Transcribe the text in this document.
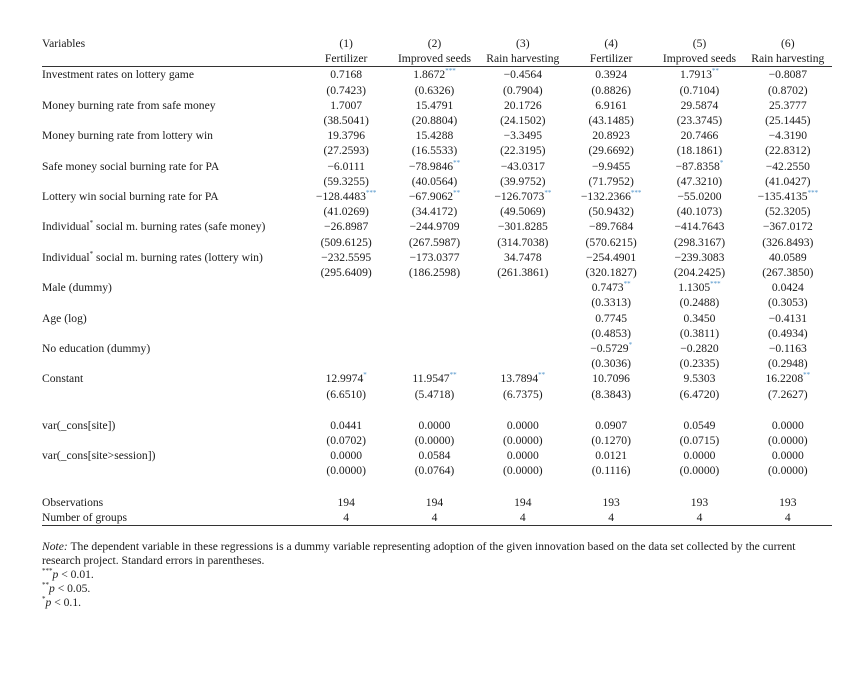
Variables	(1)	(2)	(3)	(4)	(5)	(6)
	Fertilizer	Improved seeds	Rain harvesting	Fertilizer	Improved seeds	Rain harvesting
Investment rates on lottery game	0.7168	1.8672***	−0.4564	0.3924	1.7913**	−0.8087
	(0.7423)	(0.6326)	(0.7904)	(0.8826)	(0.7104)	(0.8702)
Money burning rate from safe money	1.7007	15.4791	20.1726	6.9161	29.5874	25.3777
	(38.5041)	(20.8804)	(24.1502)	(43.1485)	(23.3745)	(25.1445)
Money burning rate from lottery win	19.3796	15.4288	−3.3495	20.8923	20.7466	−4.3190
	(27.2593)	(16.5533)	(22.3195)	(29.6692)	(18.1861)	(22.8312)
Safe money social burning rate for PA	−6.0111	−78.9846**	−43.0317	−9.9455	−87.8358*	−42.2550
	(59.3255)	(40.0564)	(39.9752)	(71.7952)	(47.3210)	(41.0427)
Lottery win social burning rate for PA	−128.4483***	−67.9062**	−126.7073**	−132.2366***	−55.0200	−135.4135***
	(41.0269)	(34.4172)	(49.5069)	(50.9432)	(40.1073)	(52.3205)
Individual* social m. burning rates (safe money)	−26.8987	−244.9709	−301.8285	−89.7684	−414.7643	−367.0172
	(509.6125)	(267.5987)	(314.7038)	(570.6215)	(298.3167)	(326.8493)
Individual* social m. burning rates (lottery win)	−232.5595	−173.0377	34.7478	−254.4901	−239.3083	40.0589
	(295.6409)	(186.2598)	(261.3861)	(320.1827)	(204.2425)	(267.3850)
Male (dummy)				0.7473**	1.1305***	0.0424
				(0.3313)	(0.2488)	(0.3053)
Age (log)				0.7745	0.3450	−0.4131
				(0.4853)	(0.3811)	(0.4934)
No education (dummy)				−0.5729*	−0.2820	−0.1163
				(0.3036)	(0.2335)	(0.2948)
Constant	12.9974*	11.9547**	13.7894**	10.7096	9.5303	16.2208**
	(6.6510)	(5.4718)	(6.7375)	(8.3843)	(6.4720)	(7.2627)

var(_cons[site])	0.0441	0.0000	0.0000	0.0907	0.0549	0.0000
	(0.0702)	(0.0000)	(0.0000)	(0.1270)	(0.0715)	(0.0000)
var(_cons[site>session])	0.0000	0.0584	0.0000	0.0121	0.0000	0.0000
	(0.0000)	(0.0764)	(0.0000)	(0.1116)	(0.0000)	(0.0000)

Observations	194	194	194	193	193	193
Number of groups	4	4	4	4	4	4

Note: The dependent variable in these regressions is a dummy variable representing adoption of the given innovation based on the data set collected by the current research project. Standard errors in parentheses.

***p < 0.01.

**p < 0.05.

*p < 0.1.
